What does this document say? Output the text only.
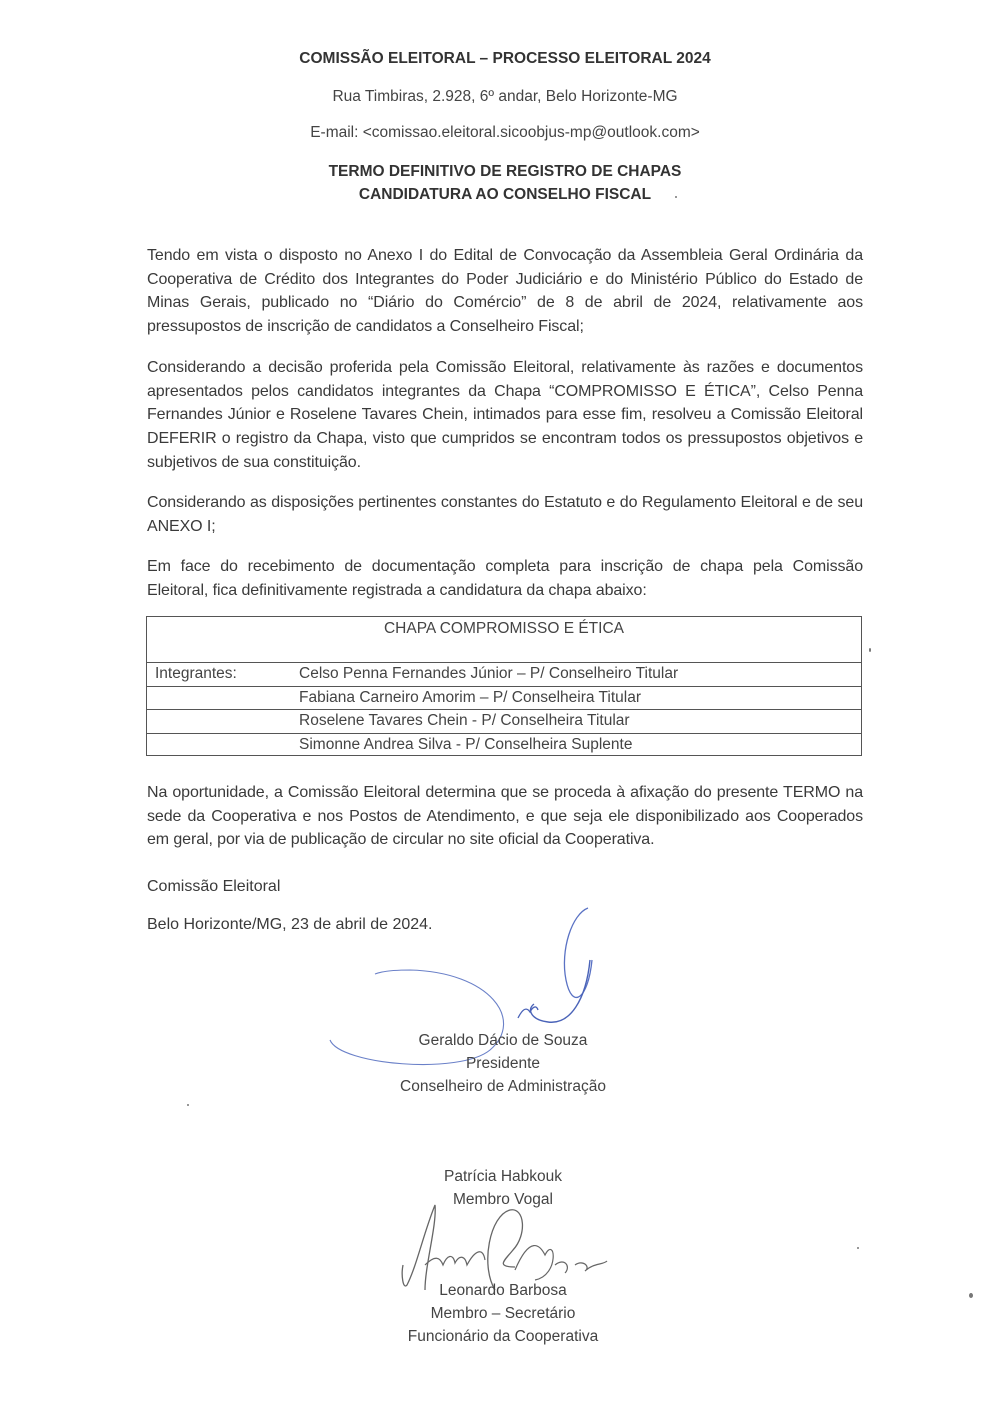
COMISSÃO ELEITORAL – PROCESSO ELEITORAL 2024
Rua Timbiras, 2.928, 6º andar, Belo Horizonte-MG
E-mail: <comissao.eleitoral.sicoobjus-mp@outlook.com>
TERMO DEFINITIVO DE REGISTRO DE CHAPAS
CANDIDATURA AO CONSELHO FISCAL
Tendo em vista o disposto no Anexo I do Edital de Convocação da Assembleia Geral Ordinária da Cooperativa de Crédito dos Integrantes do Poder Judiciário e do Ministério Público do Estado de Minas Gerais, publicado no “Diário do Comércio” de 8 de abril de 2024, relativamente aos pressupostos de inscrição de candidatos a Conselheiro Fiscal;
Considerando a decisão proferida pela Comissão Eleitoral, relativamente às razões e documentos apresentados pelos candidatos integrantes da Chapa “COMPROMISSO E ÉTICA”, Celso Penna Fernandes Júnior e Roselene Tavares Chein, intimados para esse fim, resolveu a Comissão Eleitoral DEFERIR o registro da Chapa, visto que cumpridos se encontram todos os pressupostos objetivos e subjetivos de sua constituição.
Considerando as disposições pertinentes constantes do Estatuto e do Regulamento Eleitoral e de seu ANEXO I;
Em face do recebimento de documentação completa para inscrição de chapa pela Comissão Eleitoral, fica definitivamente registrada a candidatura da chapa abaixo:
CHAPA COMPROMISSO E ÉTICA
Integrantes:	Celso Penna Fernandes Júnior – P/ Conselheiro Titular
Fabiana Carneiro Amorim – P/ Conselheira Titular
Roselene Tavares Chein - P/ Conselheira Titular
Simonne Andrea Silva - P/ Conselheira Suplente
Na oportunidade, a Comissão Eleitoral determina que se proceda à afixação do presente TERMO na sede da Cooperativa e nos Postos de Atendimento, e que seja ele disponibilizado aos Cooperados em geral, por via de publicação de circular no site oficial da Cooperativa.
Comissão Eleitoral
Belo Horizonte/MG, 23 de abril de 2024.
Geraldo Dácio de Souza
Presidente
Conselheiro de Administração
Patrícia Habkouk
Membro Vogal
Leonardo Barbosa
Membro – Secretário
Funcionário da Cooperativa
